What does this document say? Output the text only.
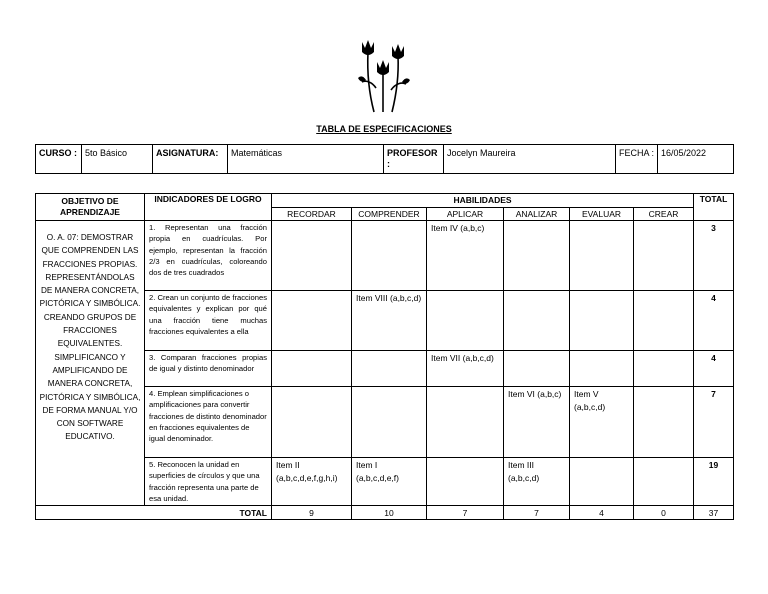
TABLA DE ESPECIFICACIONES
CURSO :	5to Básico	ASIGNATURA:	Matemáticas	PROFESOR :	Jocelyn Maureira	FECHA :	16/05/2022
OBJETIVO DE APRENDIZAJE	INDICADORES DE LOGRO	HABILIDADES						TOTAL
		RECORDAR	COMPRENDER	APLICAR	ANALIZAR	EVALUAR	CREAR	
O. A. 07: DEMOSTRAR QUE COMPRENDEN LAS FRACCIONES PROPIAS. REPRESENTÁNDOLAS DE MANERA CONCRETA, PICTÓRICA Y SIMBÓLICA. CREANDO GRUPOS DE FRACCIONES EQUIVALENTES. SIMPLIFICANCO Y AMPLIFICANDO DE MANERA CONCRETA, PICTÓRICA Y SIMBÓLICA, DE FORMA MANUAL Y/O CON SOFTWARE EDUCATIVO.	1. Representan una fracción propia en cuadrículas. Por ejemplo, representan la fracción 2/3 en cuadrículas, coloreando dos de tres cuadrados			Item IV (a,b,c)				3
	2. Crean un conjunto de fracciones equivalentes y explican por qué una fracción tiene muchas fracciones equivalentes a ella		Item VIII (a,b,c,d)					4
	3. Comparan fracciones propias de igual y distinto denominador			Item VII (a,b,c,d)				4
	4. Emplean simplificaciones o amplificaciones para convertir fracciones de distinto denominador en fracciones equivalentes de igual denominador.				Item VI (a,b,c)	Item V (a,b,c,d)		7
	5. Reconocen la unidad en superficies de círculos y que una fracción representa una parte de esa unidad.	Item II (a,b,c,d,e,f,g,h,i)	Item I (a,b,c,d,e,f)		Item III (a,b,c,d)			19
TOTAL		9	10	7	7	4	0	37
